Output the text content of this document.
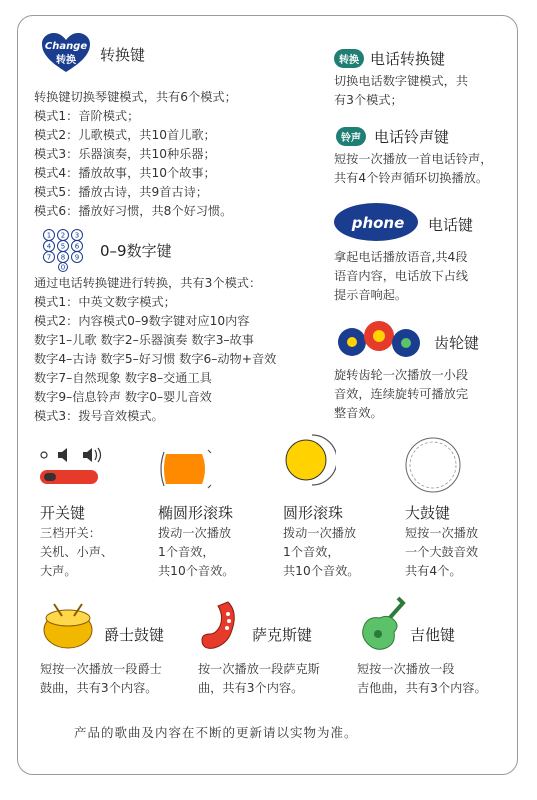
Change
转换 转换键
转换键切换琴键模式，共有6个模式；
模式1：音阶模式；
模式2：儿歌模式，共10首儿歌；
模式3：乐器演奏，共10种乐器；
模式4：播放故事，共10个故事；
模式5：播放古诗，共9首古诗；
模式6：播放好习惯，共8个好习惯。
1 2 3
4 5 6
7 8 9
0
0–9数字键
通过电话转换键进行转换，共有3个模式：
模式1：中英文数字模式；
模式2：内容模式0–9数字键对应10内容
数字1–儿歌 数字2–乐器演奏 数字3–故事
数字4–古诗 数字5–好习惯 数字6–动物+音效
数字7–自然现象 数字8–交通工具
数字9–信息铃声 数字0–婴儿音效
模式3：拨号音效模式。
转换 电话转换键
切换电话数字键模式，共
有3个模式；
铃声 电话铃声键
短按一次播放一首电话铃声，
共有4个铃声循环切换播放。
phone 电话键
拿起电话播放语音,共4段
语音内容，电话放下占线
提示音响起。
齿轮键
旋转齿轮一次播放一小段
音效，连续旋转可播放完
整音效。
开关键
三档开关：
关机、小声、
大声。
椭圆形滚珠
拨动一次播放
1个音效，
共10个音效。
圆形滚珠
拨动一次播放
1个音效，
共10个音效。
大鼓键
短按一次播放
一个大鼓音效
共有4个。
爵士鼓键
短按一次播放一段爵士
鼓曲，共有3个内容。
萨克斯键
按一次播放一段萨克斯
曲，共有3个内容。
吉他键
短按一次播放一段
吉他曲，共有3个内容。
产品的歌曲及内容在不断的更新请以实物为准。
